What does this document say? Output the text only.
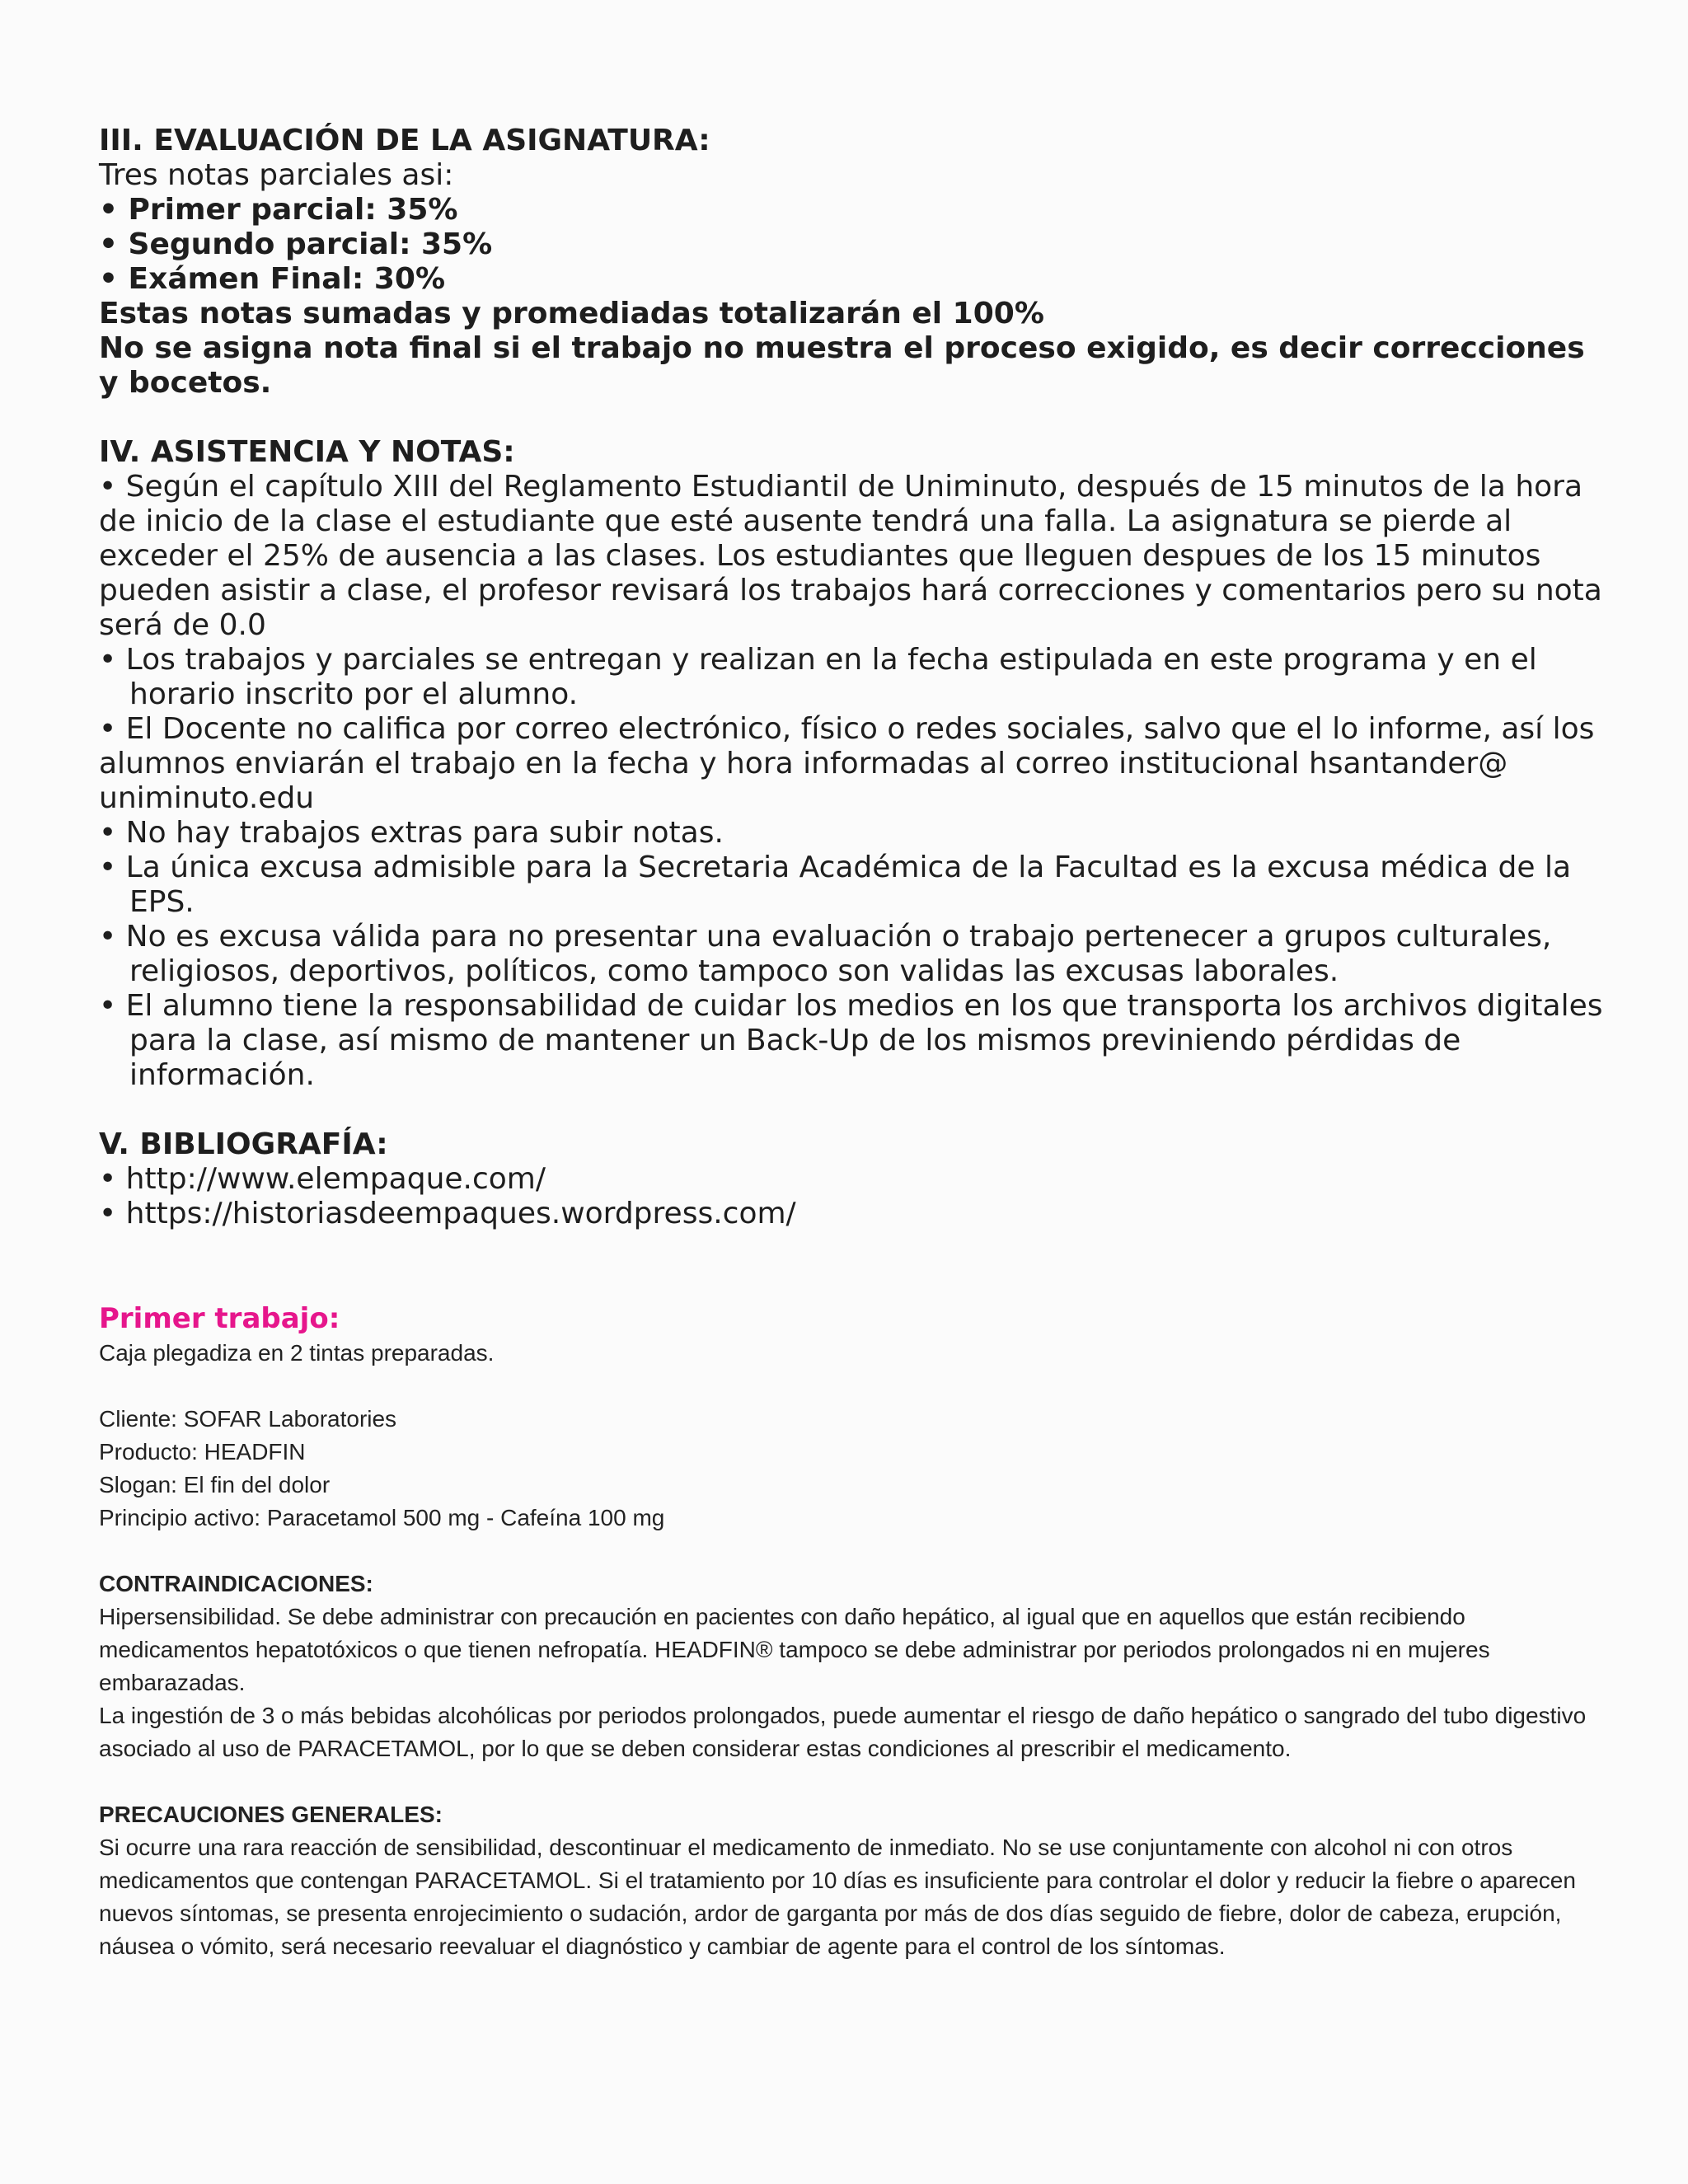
III. EVALUACIÓN DE LA ASIGNATURA:

Tres notas parciales asi:

• Primer parcial: 35%

• Segundo parcial: 35%

• Exámen Final: 30%

Estas notas sumadas y promediadas totalizarán el 100%

No se asigna nota final si el trabajo no muestra el proceso exigido, es decir correcciones y bocetos.

IV. ASISTENCIA Y NOTAS:

• Según el capítulo XIII del Reglamento Estudiantil de Uniminuto, después de 15 minutos de la hora de inicio de la clase el estudiante que esté ausente tendrá una falla. La asignatura se pierde al exceder el 25% de ausencia a las clases. Los estudiantes que lleguen despues de los 15 minutos pueden asistir a clase, el profesor revisará los trabajos hará correcciones y comentarios pero su nota será de 0.0

• Los trabajos y parciales se entregan y realizan en la fecha estipulada en este programa y en el horario inscrito por el alumno.

• El Docente no califica por correo electrónico, físico o redes sociales, salvo que el lo informe, así los alumnos enviarán el trabajo en la fecha y hora informadas al correo institucional hsantander@ uniminuto.edu

• No hay trabajos extras para subir notas.

• La única excusa admisible para la Secretaria Académica de la Facultad es la excusa médica de la EPS.

• No es excusa válida para no presentar una evaluación o trabajo pertenecer a grupos culturales, religiosos, deportivos, políticos, como tampoco son validas las excusas laborales.

• El alumno tiene la responsabilidad de cuidar los medios en los que transporta los archivos digitales para la clase, así mismo de mantener un Back-Up de los mismos previniendo pérdidas de información.

V. BIBLIOGRAFÍA:

• http://www.elempaque.com/

• https://historiasdeempaques.wordpress.com/

Primer trabajo:

Caja plegadiza en 2 tintas preparadas.

Cliente: SOFAR Laboratories

Producto: HEADFIN

Slogan: El fin del dolor

Principio activo: Paracetamol 500 mg - Cafeína 100 mg

CONTRAINDICACIONES:

Hipersensibilidad. Se debe administrar con precaución en pacientes con daño hepático, al igual que en aquellos que están recibiendo medicamentos hepatotóxicos o que tienen nefropatía. HEADFIN® tampoco se debe administrar por periodos prolongados ni en mujeres embarazadas.

La ingestión de 3 o más bebidas alcohólicas por periodos prolongados, puede aumentar el riesgo de daño hepático o sangrado del tubo digestivo asociado al uso de PARACETAMOL, por lo que se deben considerar estas condiciones al prescribir el medicamento.

PRECAUCIONES GENERALES:

Si ocurre una rara reacción de sensibilidad, descontinuar el medicamento de inmediato. No se use conjuntamente con alcohol ni con otros medicamentos que contengan PARACETAMOL. Si el tratamiento por 10 días es insuficiente para controlar el dolor y reducir la fiebre o aparecen nuevos síntomas, se presenta enrojecimiento o sudación, ardor de garganta por más de dos días seguido de fiebre, dolor de cabeza, erupción, náusea o vómito, será necesario reevaluar el diagnóstico y cambiar de agente para el control de los síntomas.
